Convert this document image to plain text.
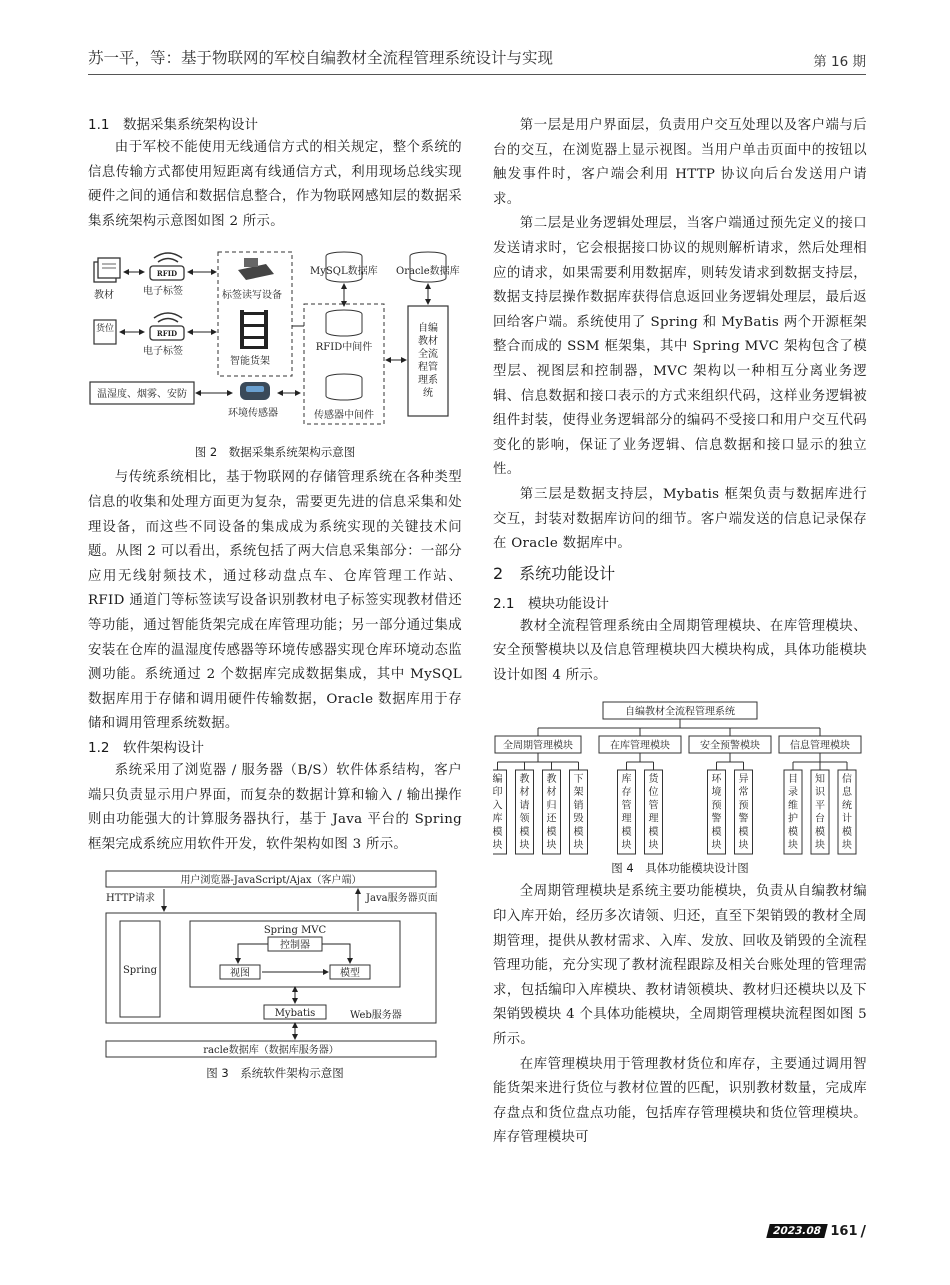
苏一平，等：基于物联网的军校自编教材全流程管理系统设计与实现	第 16 期

1.1　数据采集系统架构设计

由于军校不能使用无线通信方式的相关规定，整个系统的信息传输方式都使用短距离有线通信方式，利用现场总线实现硬件之间的通信和数据信息整合，作为物联网感知层的数据采集系统架构示意图如图 2 所示。

教材
RFID
电子标签	标签读写设备
智能货架
货位	RFID
电子标签
温湿度、烟雾、安防
环境传感器
MySQL数据库
RFID中间件
传感器中间件
Oracle数据库
自编教材全流程管理系统

图 2　数据采集系统架构示意图

与传统系统相比，基于物联网的存储管理系统在各种类型信息的收集和处理方面更为复杂，需要更先进的信息采集和处理设备，而这些不同设备的集成成为系统实现的关键技术问题。从图 2 可以看出，系统包括了两大信息采集部分：一部分应用无线射频技术，通过移动盘点车、仓库管理工作站、RFID 通道门等标签读写设备识别教材电子标签实现教材借还等功能，通过智能货架完成在库管理功能；另一部分通过集成安装在仓库的温湿度传感器等环境传感器实现仓库环境动态监测功能。系统通过 2 个数据库完成数据集成，其中 MySQL 数据库用于存储和调用硬件传输数据，Oracle 数据库用于存储和调用管理系统数据。

1.2　软件架构设计

系统采用了浏览器 / 服务器（B/S）软件体系结构，客户端只负责显示用户界面，而复杂的数据计算和输入 / 输出操作则由功能强大的计算服务器执行，基于 Java 平台的 Spring 框架完成系统应用软件开发，软件架构如图 3 所示。

用户浏览器-JavaScript/Ajax（客户端）
HTTP请求	Java服务器页面
Spring
Spring MVC
控制器
视图	模型
Mybatis	Web服务器
racle数据库（数据库服务器）

图 3　系统软件架构示意图

第一层是用户界面层，负责用户交互处理以及客户端与后台的交互，在浏览器上显示视图。当用户单击页面中的按钮以触发事件时，客户端会利用 HTTP 协议向后台发送用户请求。

第二层是业务逻辑处理层，当客户端通过预先定义的接口发送请求时，它会根据接口协议的规则解析请求，然后处理相应的请求，如果需要利用数据库，则转发请求到数据支持层，数据支持层操作数据库获得信息返回业务逻辑处理层，最后返回给客户端。系统使用了 Spring 和 MyBatis 两个开源框架整合而成的 SSM 框架集，其中 Spring MVC 架构包含了模型层、视图层和控制器，MVC 架构以一种相互分离业务逻辑、信息数据和接口表示的方式来组织代码，这样业务逻辑被组件封装，使得业务逻辑部分的编码不受接口和用户交互代码变化的影响，保证了业务逻辑、信息数据和接口显示的独立性。

第三层是数据支持层，Mybatis 框架负责与数据库进行交互，封装对数据库访问的细节。客户端发送的信息记录保存在 Oracle 数据库中。

2　系统功能设计

2.1　模块功能设计

教材全流程管理系统由全周期管理模块、在库管理模块、安全预警模块以及信息管理模块四大模块构成，具体功能模块设计如图 4 所示。

自编教材全流程管理系统
全周期管理模块
编印入库模块
教材请领模块
教材归还模块
下架销毁模块
在库管理模块
库存管理模块
货位管理模块
安全预警模块
环境预警模块
异常预警模块
信息管理模块
目录维护模块
知识平台模块
信息统计模块

图 4　具体功能模块设计图

全周期管理模块是系统主要功能模块，负责从自编教材编印入库开始，经历多次请领、归还，直至下架销毁的教材全周期管理，提供从教材需求、入库、发放、回收及销毁的全流程管理功能，充分实现了教材流程跟踪及相关台账处理的管理需求，包括编印入库模块、教材请领模块、教材归还模块以及下架销毁模块 4 个具体功能模块，全周期管理模块流程图如图 5 所示。

在库管理模块用于管理教材货位和库存，主要通过调用智能货架来进行货位与教材位置的匹配，识别教材数量，完成库存盘点和货位盘点功能，包括库存管理模块和货位管理模块。库存管理模块可

2023.08 161 /
